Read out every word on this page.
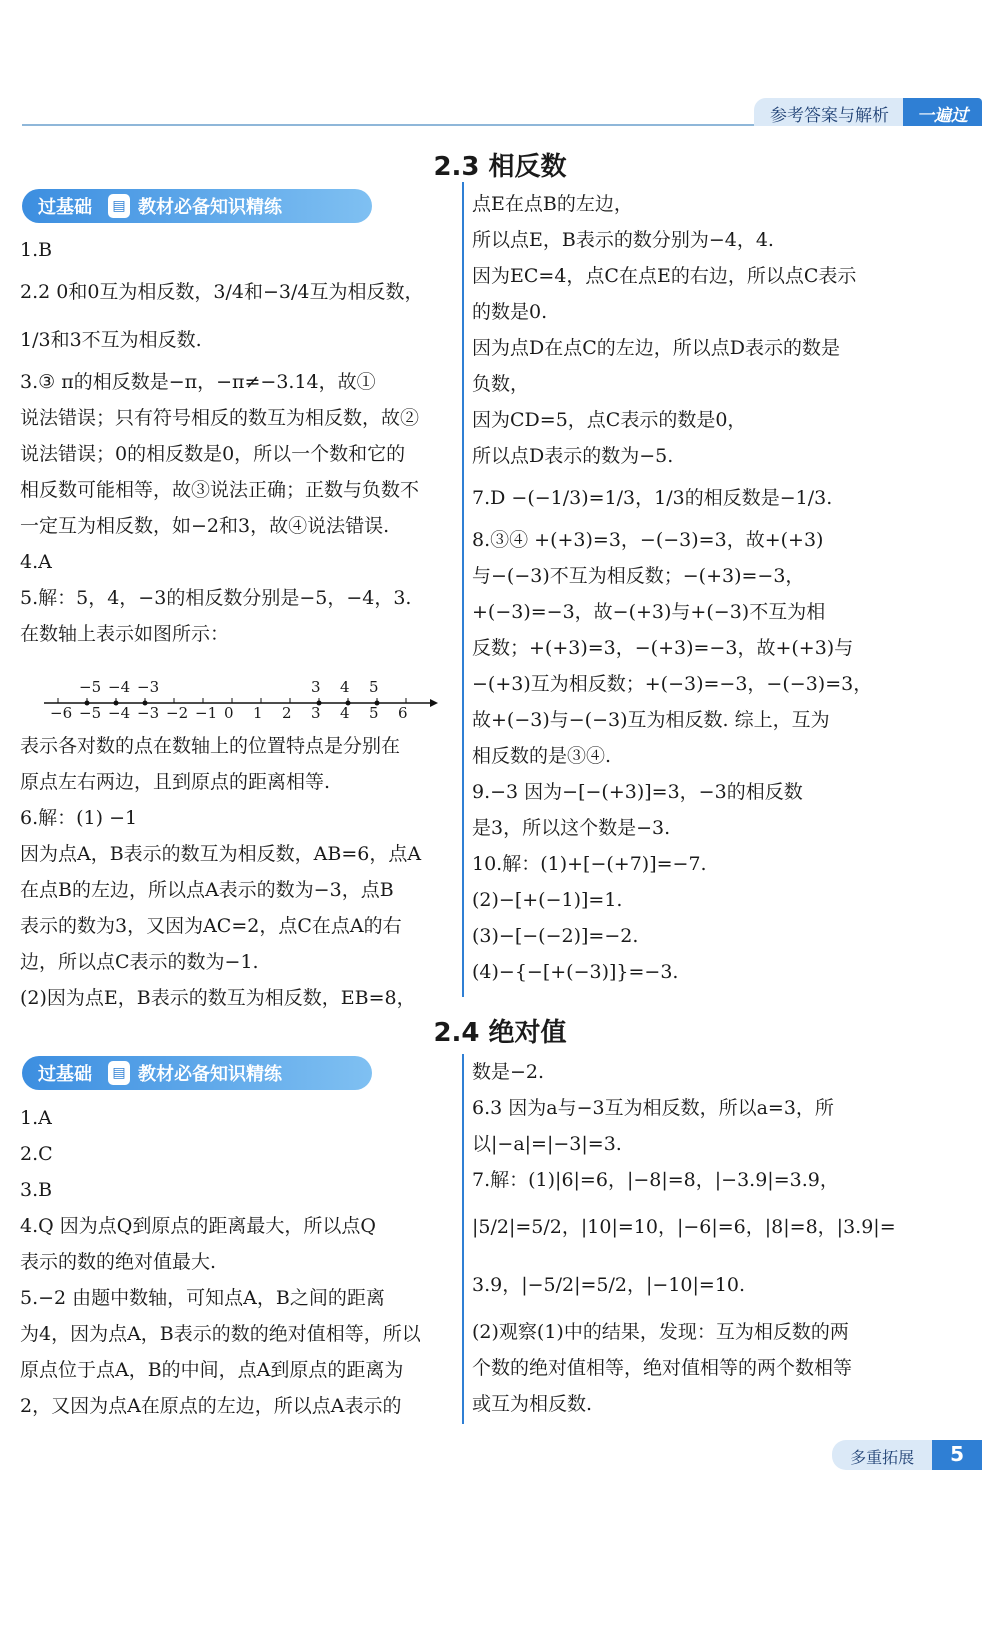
参考答案与解析	一遍过
2.3 相反数
过基础	▤ 教材必备知识精练

1.B

2.2 0和0互为相反数，3/4和−3/4互为相反数，

1/3和3不互为相反数.

3.③ π的相反数是−π，−π≠−3.14，故①

说法错误；只有符号相反的数互为相反数，故②

说法错误；0的相反数是0，所以一个数和它的

相反数可能相等，故③说法正确；正数与负数不

一定互为相反数，如−2和3，故④说法错误.

4.A

5.解：5，4，−3的相反数分别是−5，−4，3.

在数轴上表示如图所示：

−5 −4 −3	3 4 5
−6 −5 −4 −3 −2 −1 0 1 2 3 4 5 6

表示各对数的点在数轴上的位置特点是分别在

原点左右两边，且到原点的距离相等.

6.解：(1) −1

因为点A，B表示的数互为相反数，AB=6，点A

在点B的左边，所以点A表示的数为−3，点B

表示的数为3，又因为AC=2，点C在点A的右

边，所以点C表示的数为−1.

(2)因为点E，B表示的数互为相反数，EB=8，

点E在点B的左边，

所以点E，B表示的数分别为−4，4.

因为EC=4，点C在点E的右边，所以点C表示

的数是0.

因为点D在点C的左边，所以点D表示的数是

负数，

因为CD=5，点C表示的数是0，

所以点D表示的数为−5.

7.D −(−1/3)=1/3，1/3的相反数是−1/3.

8.③④ +(+3)=3，−(−3)=3，故+(+3)

与−(−3)不互为相反数；−(+3)=−3，

+(−3)=−3，故−(+3)与+(−3)不互为相

反数；+(+3)=3，−(+3)=−3，故+(+3)与

−(+3)互为相反数；+(−3)=−3，−(−3)=3，

故+(−3)与−(−3)互为相反数. 综上，互为

相反数的是③④.

9.−3 因为−[−(+3)]=3，−3的相反数

是3，所以这个数是−3.

10.解：(1)+[−(+7)]=−7.

(2)−[+(−1)]=1.

(3)−[−(−2)]=−2.

(4)−{−[+(−3)]}=−3.

2.4 绝对值
过基础	▤ 教材必备知识精练

1.A

2.C

3.B

4.Q 因为点Q到原点的距离最大，所以点Q

表示的数的绝对值最大.

5.−2 由题中数轴，可知点A，B之间的距离

为4，因为点A，B表示的数的绝对值相等，所以

原点位于点A，B的中间，点A到原点的距离为

2，又因为点A在原点的左边，所以点A表示的

数是−2.

6.3 因为a与−3互为相反数，所以a=3，所

以|−a|=|−3|=3.

7.解：(1)|6|=6，|−8|=8，|−3.9|=3.9，

|5/2|=5/2，|10|=10，|−6|=6，|8|=8，|3.9|=

3.9，|−5/2|=5/2，|−10|=10.

(2)观察(1)中的结果，发现：互为相反数的两

个数的绝对值相等，绝对值相等的两个数相等

或互为相反数.

多重拓展	5
